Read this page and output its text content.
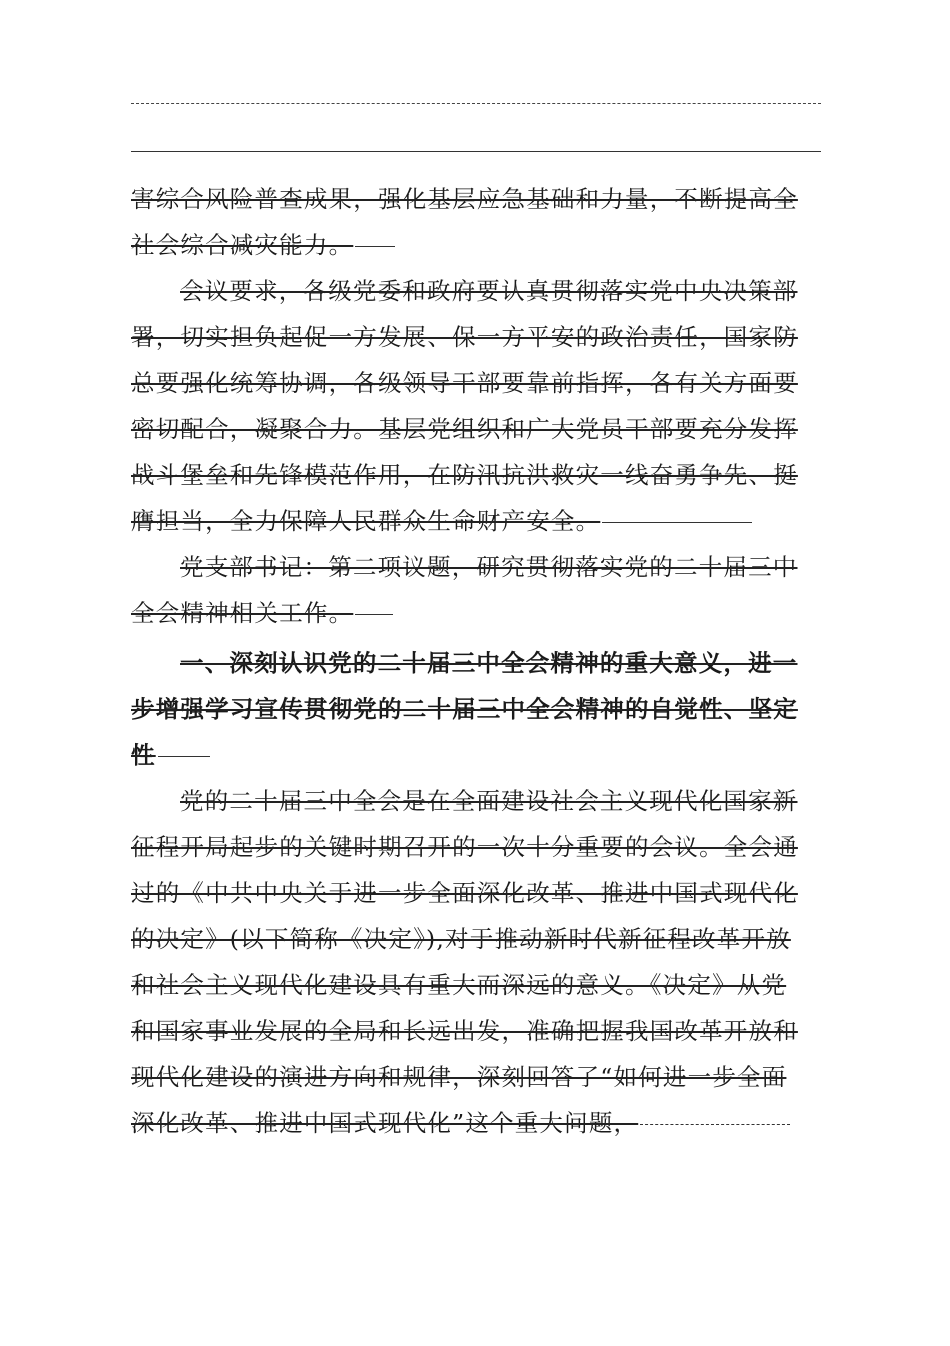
害综合风险普查成果，强化基层应急基础和力量，不断提高全
社会综合减灾能力。
会议要求，各级党委和政府要认真贯彻落实党中央决策部
署，切实担负起促一方发展、保一方平安的政治责任，国家防
总要强化统筹协调，各级领导干部要靠前指挥，各有关方面要
密切配合，凝聚合力。基层党组织和广大党员干部要充分发挥
战斗堡垒和先锋模范作用，在防汛抗洪救灾一线奋勇争先、挺
膺担当，全力保障人民群众生命财产安全。
党支部书记：第二项议题，研究贯彻落实党的二十届三中
全会精神相关工作。
一、深刻认识党的二十届三中全会精神的重大意义，进一
步增强学习宣传贯彻党的二十届三中全会精神的自觉性、坚定
性
党的二十届三中全会是在全面建设社会主义现代化国家新
征程开局起步的关键时期召开的一次十分重要的会议。全会通
过的《中共中央关于进一步全面深化改革、推进中国式现代化
的决定》(以下简称《决定》),对于推动新时代新征程改革开放
和社会主义现代化建设具有重大而深远的意义。《决定》从党
和国家事业发展的全局和长远出发，准确把握我国改革开放和
现代化建设的演进方向和规律，深刻回答了“如何进一步全面
深化改革、推进中国式现代化”这个重大问题，
